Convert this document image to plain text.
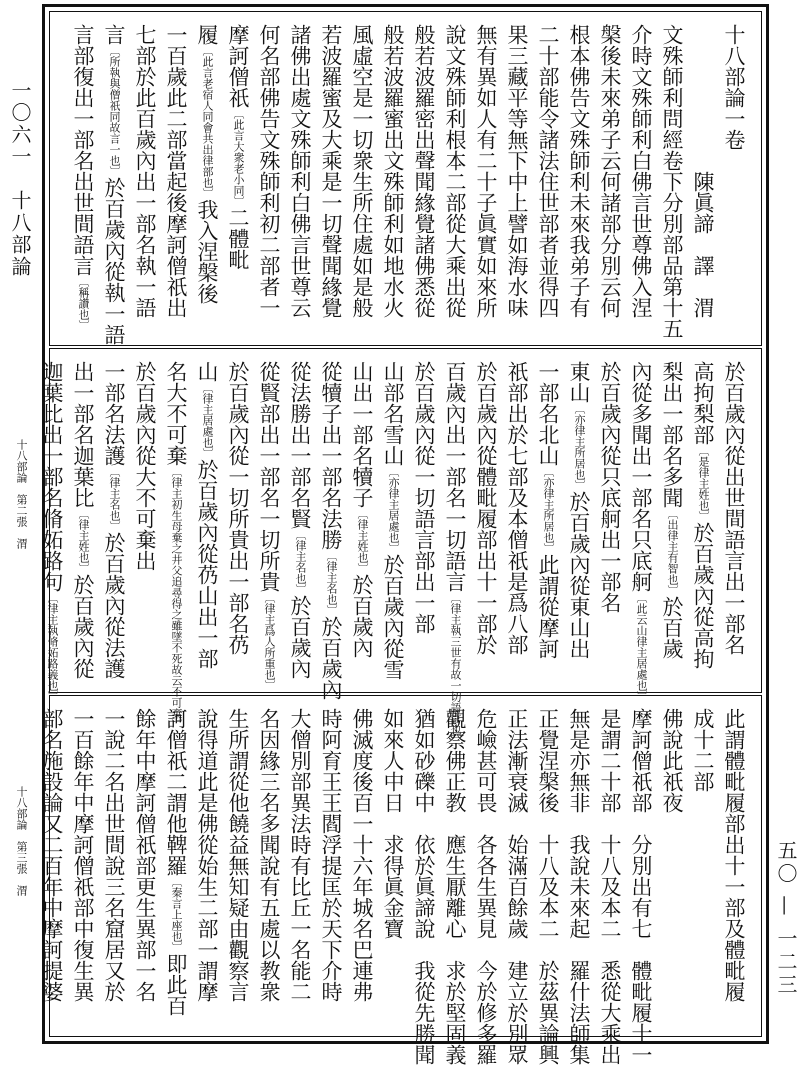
一〇六一　十八部論
五〇 — 一二三
十八部論一卷
　　　　　　　陳眞諦　譯　渭
文殊師利問經卷下分別部品第十五
介時文殊師利白佛言世尊佛入涅
槃後未來弟子云何諸部分別云何
根本佛告文殊師利未來我弟子有
二十部能令諸法住世部者並得四
果三藏平等無下中上譬如海水味
無有異如人有二十子眞實如來所
說文殊師利根本二部從大乘出從
般若波羅密出聲聞緣覺諸佛悉從
般若波羅蜜出文殊師利如地水火
風虛空是一切衆生所住處如是般
若波羅蜜及大乘是一切聲聞緣覺
諸佛出處文殊師利白佛言世尊云
何名部佛告文殊師利初二部者一
摩訶僧祇〔此言大衆老小同〕二體毗
履〔此言老宿人同會共出律部也〕我入涅槃後
一百歲此二部當起後摩訶僧祇出
七部於此百歲內出一部名執一語
言〔所執與僧祇同故言一也〕於百歲內從執一語
言部復出一部名出世間語言〔稱讚也〕
於百歲內從出世間語言出一部名
高拘梨部〔是律主姓也〕於百歲內從高拘
梨出一部名多聞〔出律主有智也〕於百歲
內從多聞出一部名只底舸〔此云山律主居處也〕
於百歲內從只底舸出一部名
東山〔亦律主所居也〕於百歲內從東山出
一部名北山〔亦律主所居也〕此謂從摩訶
祇部出於七部及本僧祇是爲八部
於百歲內從體毗履部出十一部於
百歲內出一部名一切語言〔律主執三世有故一切語言也〕
於百歲內從一切語言部出一部
山部名雪山〔亦律主居處也〕於百歲內從雪
山出一部名犢子〔律主姓也〕於百歲內
從犢子出一部名法勝〔律主名也〕於百歲內
從法勝出一部名賢〔律主名也〕於百歲內
從賢部出一部名一切所貴〔律主爲人所重也〕
於百歲內從一切所貴出一部名芿
山〔律主居處也〕於百歲內從芿山出一部
名大不可棄〔律主初生母棄之井父追尋得之雖墜不死故云不可棄〕
於百歲內從大不可棄出
一部名法護〔律主名也〕於百歲內從法護
出一部名迦葉比〔律主姓也〕於百歲內從
迦葉比出一部名脩妬路句〔律主執脩妬路義也〕
十八部論　第二張　渭
此謂體毗履部出十一部及體毗履
成十二部
佛說此祇夜
摩訶僧祇部　分別出有七　體毗履十一
是謂二十部　十八及本二　悉從大乘出
無是亦無非　我說未來起　羅什法師集
正覺涅槃後　十八及本二　於茲異論興
正法漸衰滅　始滿百餘歲　建立於別眾
危嶮甚可畏　各各生異見　今於修多羅
觀察佛正教　應生厭離心　求於堅固義
猶如砂礫中　依於眞諦說　我從先勝聞
如來人中日　求得眞金寶
佛滅度後百一十六年城名巴連弗
時阿育王王閻浮提匡於天下介時
大僧別部異法時有比丘一名能二
名因緣三名多聞說有五處以教衆
生所謂從他饒益無知疑由觀察言
說得道此是佛從始生二部一謂摩
訶僧祇二謂他鞞羅〔秦言上座也〕即此百
餘年中摩訶僧祇部更生異部一名
一說二名出世間說三名窟居又於
一百餘年中摩訶僧祇部中復生異
部名施設論又二百年中摩訶提婆
十八部論　第三張　渭
